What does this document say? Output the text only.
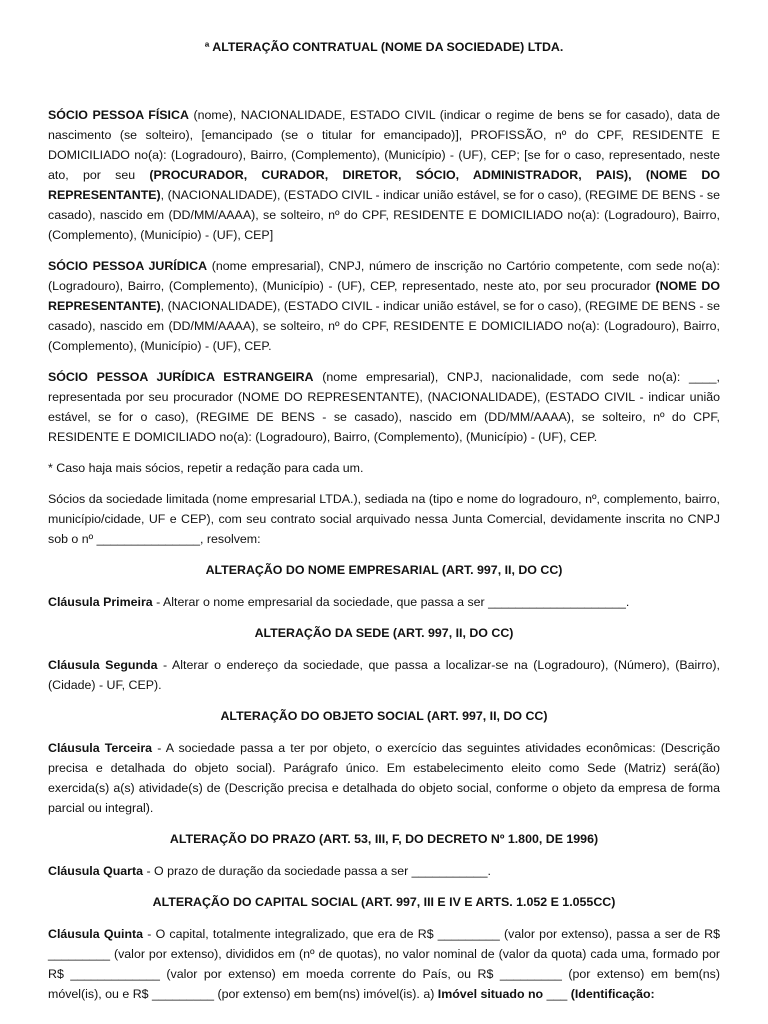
ª ALTERAÇÃO CONTRATUAL (NOME DA SOCIEDADE) LTDA.

SÓCIO PESSOA FÍSICA (nome), NACIONALIDADE, ESTADO CIVIL (indicar o regime de bens se for casado), data de nascimento (se solteiro), [emancipado (se o titular for emancipado)], PROFISSÃO, nº do CPF, RESIDENTE E DOMICILIADO no(a): (Logradouro), Bairro, (Complemento), (Município) - (UF), CEP; [se for o caso, representado, neste ato, por seu (PROCURADOR, CURADOR, DIRETOR, SÓCIO, ADMINISTRADOR, PAIS), (NOME DO REPRESENTANTE), (NACIONALIDADE), (ESTADO CIVIL - indicar união estável, se for o caso), (REGIME DE BENS - se casado), nascido em (DD/MM/AAAA), se solteiro, nº do CPF, RESIDENTE E DOMICILIADO no(a): (Logradouro), Bairro, (Complemento), (Município) - (UF), CEP]

SÓCIO PESSOA JURÍDICA (nome empresarial), CNPJ, número de inscrição no Cartório competente, com sede no(a): (Logradouro), Bairro, (Complemento), (Município) - (UF), CEP, representado, neste ato, por seu procurador (NOME DO REPRESENTANTE), (NACIONALIDADE), (ESTADO CIVIL - indicar união estável, se for o caso), (REGIME DE BENS - se casado), nascido em (DD/MM/AAAA), se solteiro, nº do CPF, RESIDENTE E DOMICILIADO no(a): (Logradouro), Bairro, (Complemento), (Município) - (UF), CEP.

SÓCIO PESSOA JURÍDICA ESTRANGEIRA (nome empresarial), CNPJ, nacionalidade, com sede no(a): ____, representada por seu procurador (NOME DO REPRESENTANTE), (NACIONALIDADE), (ESTADO CIVIL - indicar união estável, se for o caso), (REGIME DE BENS - se casado), nascido em (DD/MM/AAAA), se solteiro, nº do CPF, RESIDENTE E DOMICILIADO no(a): (Logradouro), Bairro, (Complemento), (Município) - (UF), CEP.

* Caso haja mais sócios, repetir a redação para cada um.

Sócios da sociedade limitada (nome empresarial LTDA.), sediada na (tipo e nome do logradouro, nº, complemento, bairro, município/cidade, UF e CEP), com seu contrato social arquivado nessa Junta Comercial, devidamente inscrita no CNPJ sob o nº _______________, resolvem:

ALTERAÇÃO DO NOME EMPRESARIAL (ART. 997, II, DO CC)

Cláusula Primeira - Alterar o nome empresarial da sociedade, que passa a ser ____________________.

ALTERAÇÃO DA SEDE (ART. 997, II, DO CC)

Cláusula Segunda - Alterar o endereço da sociedade, que passa a localizar-se na (Logradouro), (Número), (Bairro), (Cidade) - UF, CEP).

ALTERAÇÃO DO OBJETO SOCIAL (ART. 997, II, DO CC)

Cláusula Terceira - A sociedade passa a ter por objeto, o exercício das seguintes atividades econômicas: (Descrição precisa e detalhada do objeto social). Parágrafo único. Em estabelecimento eleito como Sede (Matriz) será(ão) exercida(s) a(s) atividade(s) de (Descrição precisa e detalhada do objeto social, conforme o objeto da empresa de forma parcial ou integral).

ALTERAÇÃO DO PRAZO (ART. 53, III, F, DO DECRETO Nº 1.800, DE 1996)

Cláusula Quarta - O prazo de duração da sociedade passa a ser ___________.

ALTERAÇÃO DO CAPITAL SOCIAL (ART. 997, III E IV E ARTS. 1.052 E 1.055CC)

Cláusula Quinta - O capital, totalmente integralizado, que era de R$ _________ (valor por extenso), passa a ser de R$ _________ (valor por extenso), divididos em (nº de quotas), no valor nominal de (valor da quota) cada uma, formado por R$ _____________ (valor por extenso) em moeda corrente do País, ou R$ _________ (por extenso) em bem(ns) móvel(is), ou e R$ _________ (por extenso) em bem(ns) imóvel(is). a) Imóvel situado no ___ (Identificação:
